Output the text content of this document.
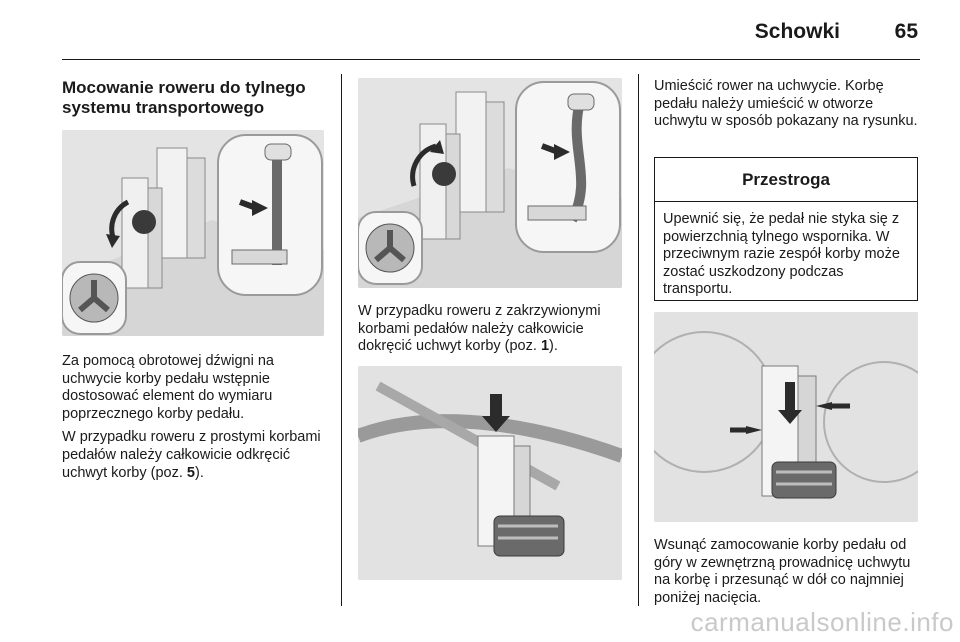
Schowki	65
Mocowanie roweru do tylnego systemu transportowego

Za pomocą obrotowej dźwigni na uchwycie korby pedału wstępnie dostosować element do wymiaru poprzecznego korby pedału.

W przypadku roweru z prostymi korbami pedałów należy całkowicie odkręcić uchwyt korby (poz. 5).

W przypadku roweru z zakrzywionymi korbami pedałów należy całkowicie dokręcić uchwyt korby (poz. 1).

Umieścić rower na uchwycie. Korbę pedału należy umieścić w otworze uchwytu w sposób pokazany na rysunku.

Przestroga
Upewnić się, że pedał nie styka się z powierzchnią tylnego wspornika. W przeciwnym razie zespół korby może zostać uszkodzony podczas transportu.

Wsunąć zamocowanie korby pedału od góry w zewnętrzną prowadnicę uchwytu na korbę i przesunąć w dół co najmniej poniżej nacięcia.

carmanualsonline.info
